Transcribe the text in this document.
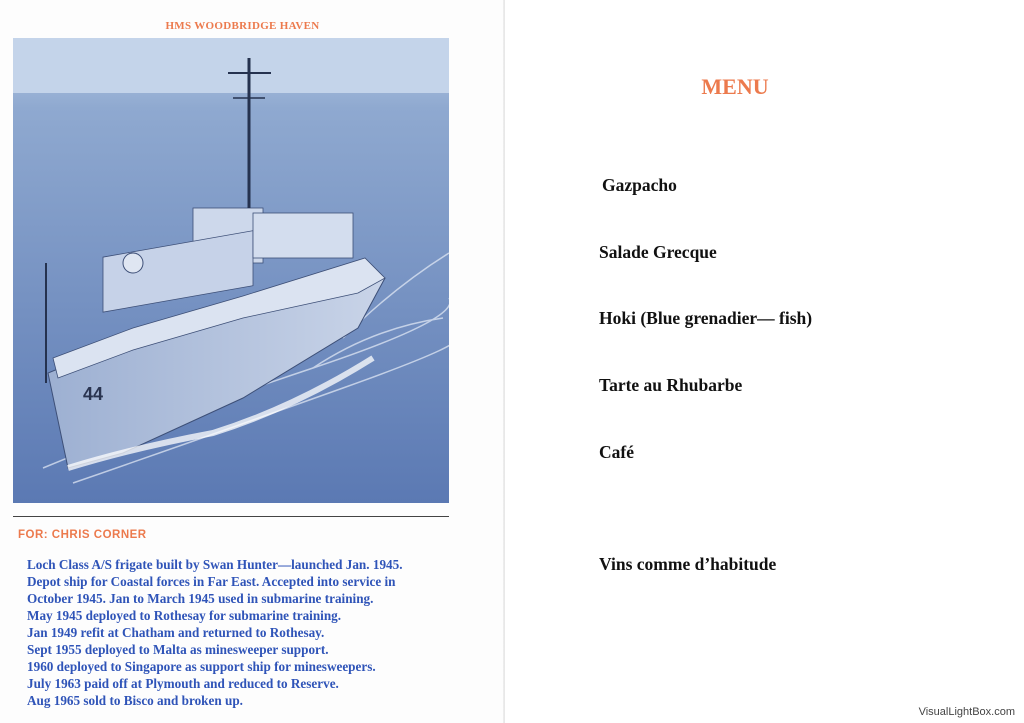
HMS WOODBRIDGE HAVEN
44
FOR: CHRIS CORNER
Loch Class A/S frigate built by Swan Hunter—launched Jan. 1945.
Depot ship for Coastal forces in Far East. Accepted into service in
October 1945. Jan to March 1945 used in submarine training.
May 1945 deployed to Rothesay for submarine training.
Jan 1949 refit at Chatham and returned to Rothesay.
Sept 1955 deployed to Malta as minesweeper support.
1960 deployed to Singapore as support ship for minesweepers.
July 1963 paid off at Plymouth and reduced to Reserve.
Aug 1965 sold to Bisco and broken up.
MENU
Gazpacho
Salade Grecque
Hoki (Blue grenadier— fish)
Tarte au Rhubarbe
Café
Vins comme d’habitude
VisualLightBox.com
